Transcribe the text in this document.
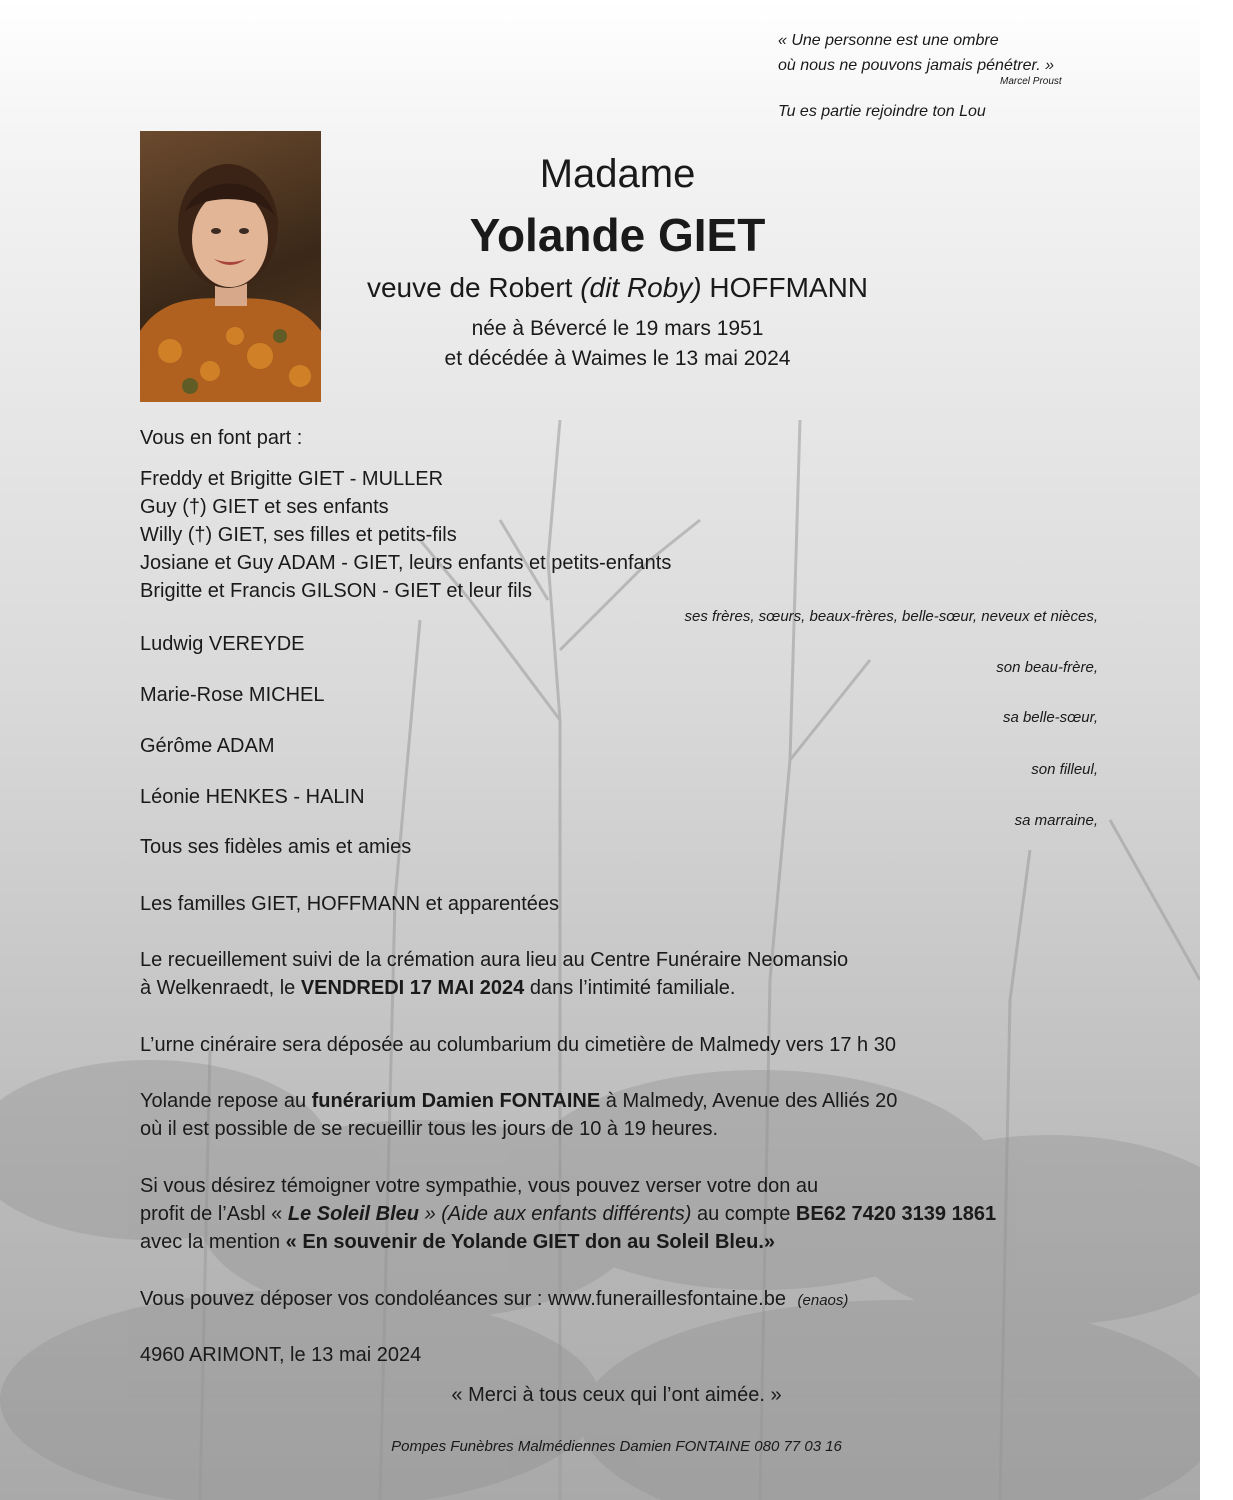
« Une personne est une ombre
où nous ne pouvons jamais pénétrer. »

Marcel Proust

Tu es partie rejoindre ton Lou

Madame

Yolande GIET

veuve de Robert (dit Roby) HOFFMANN

née à Bévercé le 19 mars 1951
et décédée à Waimes le 13 mai 2024

Vous en font part :

Freddy et Brigitte GIET - MULLER
Guy (†) GIET et ses enfants
Willy (†) GIET, ses filles et petits-fils
Josiane et Guy ADAM - GIET, leurs enfants et petits-enfants
Brigitte et Francis GILSON - GIET et leur fils

ses frères, sœurs, beaux-frères, belle-sœur, neveux et nièces,

Ludwig VEREYDE

son beau-frère,

Marie-Rose MICHEL

sa belle-sœur,

Gérôme ADAM

son filleul,

Léonie HENKES - HALIN

sa marraine,

Tous ses fidèles amis et amies

Les familles GIET, HOFFMANN et apparentées

Le recueillement suivi de la crémation aura lieu au Centre Funéraire Neomansio
à Welkenraedt, le VENDREDI 17 MAI 2024 dans l’intimité familiale.

L’urne cinéraire sera déposée au columbarium du cimetière de Malmedy vers 17 h 30

Yolande repose au funérarium Damien FONTAINE à Malmedy, Avenue des Alliés 20
où il est possible de se recueillir tous les jours de 10 à 19 heures.

Si vous désirez témoigner votre sympathie, vous pouvez verser votre don au
profit de l’Asbl « Le Soleil Bleu » (Aide aux enfants différents) au compte BE62 7420 3139 1861
avec la mention « En souvenir de Yolande GIET don au Soleil Bleu.»

Vous pouvez déposer vos condoléances sur : www.funeraillesfontaine.be (enaos)

4960 ARIMONT, le 13 mai 2024

« Merci à tous ceux qui l’ont aimée. »

Pompes Funèbres Malmédiennes Damien FONTAINE 080 77 03 16
